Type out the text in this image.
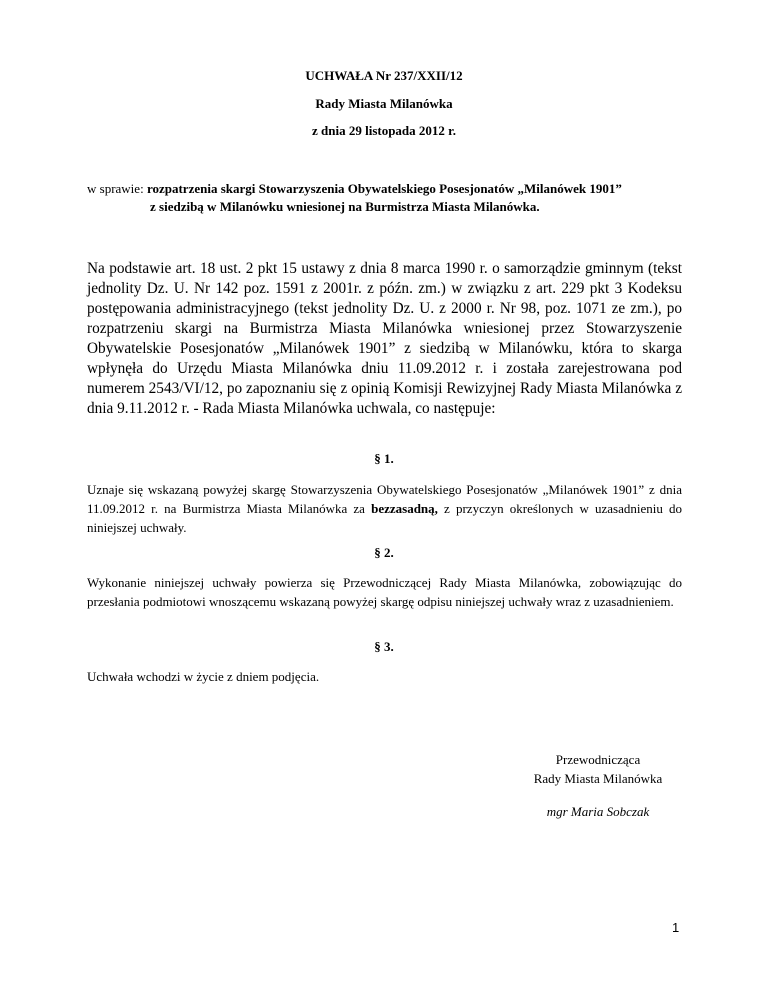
UCHWAŁA Nr 237/XXII/12
Rady Miasta Milanówka
z dnia 29 listopada 2012 r.
w sprawie: rozpatrzenia skargi Stowarzyszenia Obywatelskiego Posesjonatów „Milanówek 1901”
z siedzibą w Milanówku wniesionej na Burmistrza Miasta Milanówka.
Na podstawie art. 18 ust. 2 pkt 15 ustawy z dnia 8 marca 1990 r. o samorządzie gminnym (tekst jednolity Dz. U. Nr 142 poz. 1591 z 2001r. z późn. zm.) w związku z art. 229 pkt 3 Kodeksu postępowania administracyjnego (tekst jednolity Dz. U. z 2000 r. Nr 98, poz. 1071 ze zm.), po rozpatrzeniu skargi na Burmistrza Miasta Milanówka wniesionej przez Stowarzyszenie Obywatelskie Posesjonatów „Milanówek 1901” z siedzibą w Milanówku, która to skarga wpłynęła do Urzędu Miasta Milanówka dniu 11.09.2012 r. i została zarejestrowana pod numerem 2543/VI/12, po zapoznaniu się z opinią Komisji Rewizyjnej Rady Miasta Milanówka z dnia 9.11.2012 r. - Rada Miasta Milanówka uchwala, co następuje:
§ 1.
Uznaje się wskazaną powyżej skargę Stowarzyszenia Obywatelskiego Posesjonatów „Milanówek 1901” z dnia 11.09.2012 r. na Burmistrza Miasta Milanówka za bezzasadną, z przyczyn określonych w uzasadnieniu do niniejszej uchwały.
§ 2.
Wykonanie niniejszej uchwały powierza się Przewodniczącej Rady Miasta Milanówka, zobowiązując do przesłania podmiotowi wnoszącemu wskazaną powyżej skargę odpisu niniejszej uchwały wraz z uzasadnieniem.
§ 3.
Uchwała wchodzi w życie z dniem podjęcia.
Przewodnicząca
Rady Miasta Milanówka
mgr Maria Sobczak
1
